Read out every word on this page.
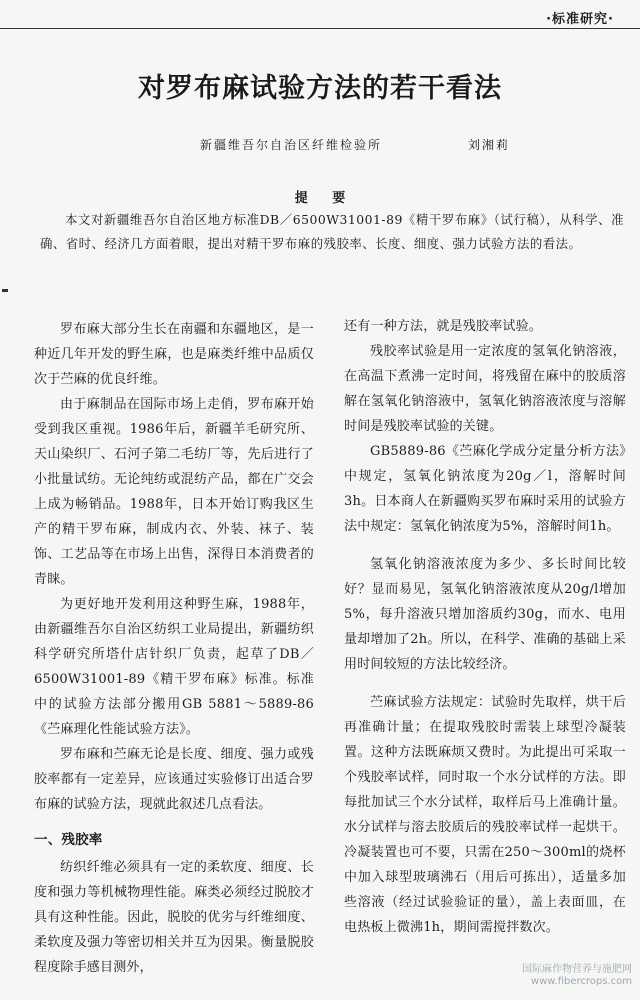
·标准研究·
对罗布麻试验方法的若干看法
新疆维吾尔自治区纤维检验所	刘湘莉
提 要
本文对新疆维吾尔自治区地方标准DB／6500W31001-89《精干罗布麻》（试行稿），从科学、准确、省时、经济几方面着眼，提出对精干罗布麻的残胶率、长度、细度、强力试验方法的看法。

罗布麻大部分生长在南疆和东疆地区，是一种近几年开发的野生麻，也是麻类纤维中品质仅次于苎麻的优良纤维。

由于麻制品在国际市场上走俏，罗布麻开始受到我区重视。1986年后，新疆羊毛研究所、天山染织厂、石河子第二毛纺厂等，先后进行了小批量试纺。无论纯纺或混纺产品，都在广交会上成为畅销品。1988年，日本开始订购我区生产的精干罗布麻，制成内衣、外装、袜子、装饰、工艺品等在市场上出售，深得日本消费者的青睐。

为更好地开发利用这种野生麻，1988年，由新疆维吾尔自治区纺织工业局提出，新疆纺织科学研究所塔什店针织厂负责，起草了DB／6500W31001-89《精干罗布麻》标准。标准中的试验方法部分搬用GB 5881～5889-86《苎麻理化性能试验方法》。

罗布麻和苎麻无论是长度、细度、强力或残胶率都有一定差异，应该通过实验修订出适合罗布麻的试验方法，现就此叙述几点看法。

一、残胶率

纺织纤维必须具有一定的柔软度、细度、长度和强力等机械物理性能。麻类必须经过脱胶才具有这种性能。因此，脱胶的优劣与纤维细度、柔软度及强力等密切相关并互为因果。衡量脱胶程度除手感目测外，

还有一种方法，就是残胶率试验。

残胶率试验是用一定浓度的氢氧化钠溶液，在高温下煮沸一定时间，将残留在麻中的胶质溶解在氢氧化钠溶液中，氢氧化钠溶液浓度与溶解时间是残胶率试验的关键。

GB5889-86《苎麻化学成分定量分析方法》中规定，氢氧化钠浓度为20g／l，溶解时间3h。日本商人在新疆购买罗布麻时采用的试验方法中规定：氢氧化钠浓度为5%，溶解时间1h。

氢氧化钠溶液浓度为多少、多长时间比较好？显而易见，氢氧化钠溶液浓度从20g/l增加5%，每升溶液只增加溶质约30g，而水、电用量却增加了2h。所以，在科学、准确的基础上采用时间较短的方法比较经济。

苎麻试验方法规定：试验时先取样，烘干后再准确计量；在提取残胶时需装上球型冷凝装置。这种方法既麻烦又费时。为此提出可采取一个残胶率试样，同时取一个水分试样的方法。即每批加试三个水分试样，取样后马上准确计量。水分试样与溶去胶质后的残胶率试样一起烘干。冷凝装置也可不要，只需在250～300ml的烧杯中加入球型玻璃沸石（用后可拣出），适量多加些溶液（经过试验验证的量），盖上表面皿，在电热板上微沸1h，期间需搅拌数次。

国际麻作物营养与施肥网
www.fibercrops.com
